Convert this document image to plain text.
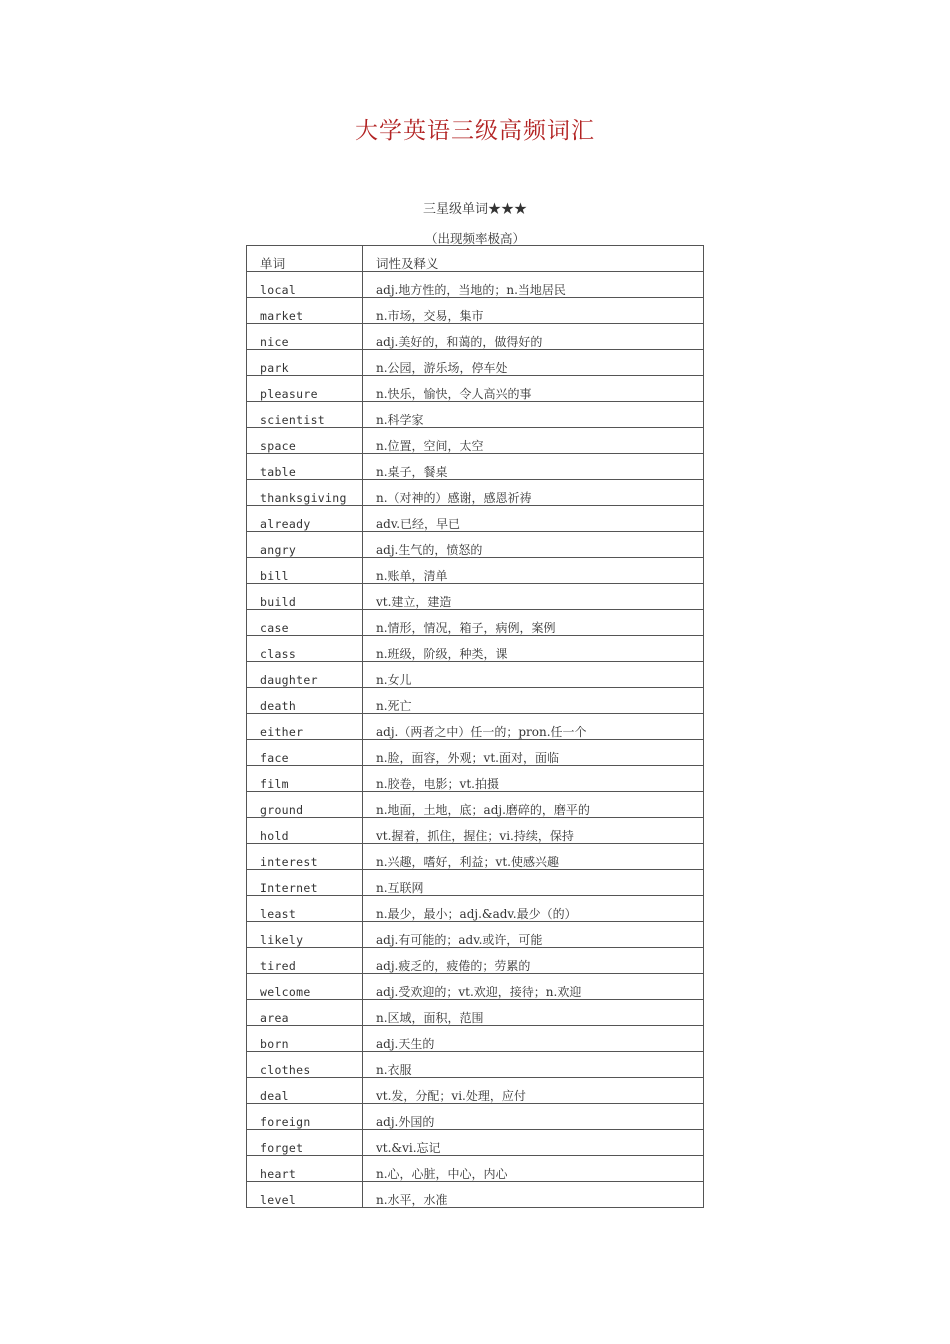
大学英语三级高频词汇
三星级单词★★★
（出现频率极高）
单词	词性及释义
local	adj.地方性的，当地的；n.当地居民
market	n.市场，交易，集市
nice	adj.美好的，和蔼的，做得好的
park	n.公园，游乐场，停车处
pleasure	n.快乐，愉快，令人高兴的事
scientist	n.科学家
space	n.位置，空间，太空
table	n.桌子，餐桌
thanksgiving	n.（对神的）感谢，感恩祈祷
already	adv.已经，早已
angry	adj.生气的，愤怒的
bill	n.账单，清单
build	vt.建立，建造
case	n.情形，情况，箱子，病例，案例
class	n.班级，阶级，种类，课
daughter	n.女儿
death	n.死亡
either	adj.（两者之中）任一的；pron.任一个
face	n.脸，面容，外观；vt.面对，面临
film	n.胶卷，电影；vt.拍摄
ground	n.地面，土地，底；adj.磨碎的，磨平的
hold	vt.握着，抓住，握住；vi.持续，保持
interest	n.兴趣，嗜好，利益；vt.使感兴趣
Internet	n.互联网
least	n.最少，最小；adj.&adv.最少（的）
likely	adj.有可能的；adv.或许，可能
tired	adj.疲乏的，疲倦的；劳累的
welcome	adj.受欢迎的；vt.欢迎，接待；n.欢迎
area	n.区域，面积，范围
born	adj.天生的
clothes	n.衣服
deal	vt.发，分配；vi.处理，应付
foreign	adj.外国的
forget	vt.&vi.忘记
heart	n.心，心脏，中心，内心
level	n.水平，水准
